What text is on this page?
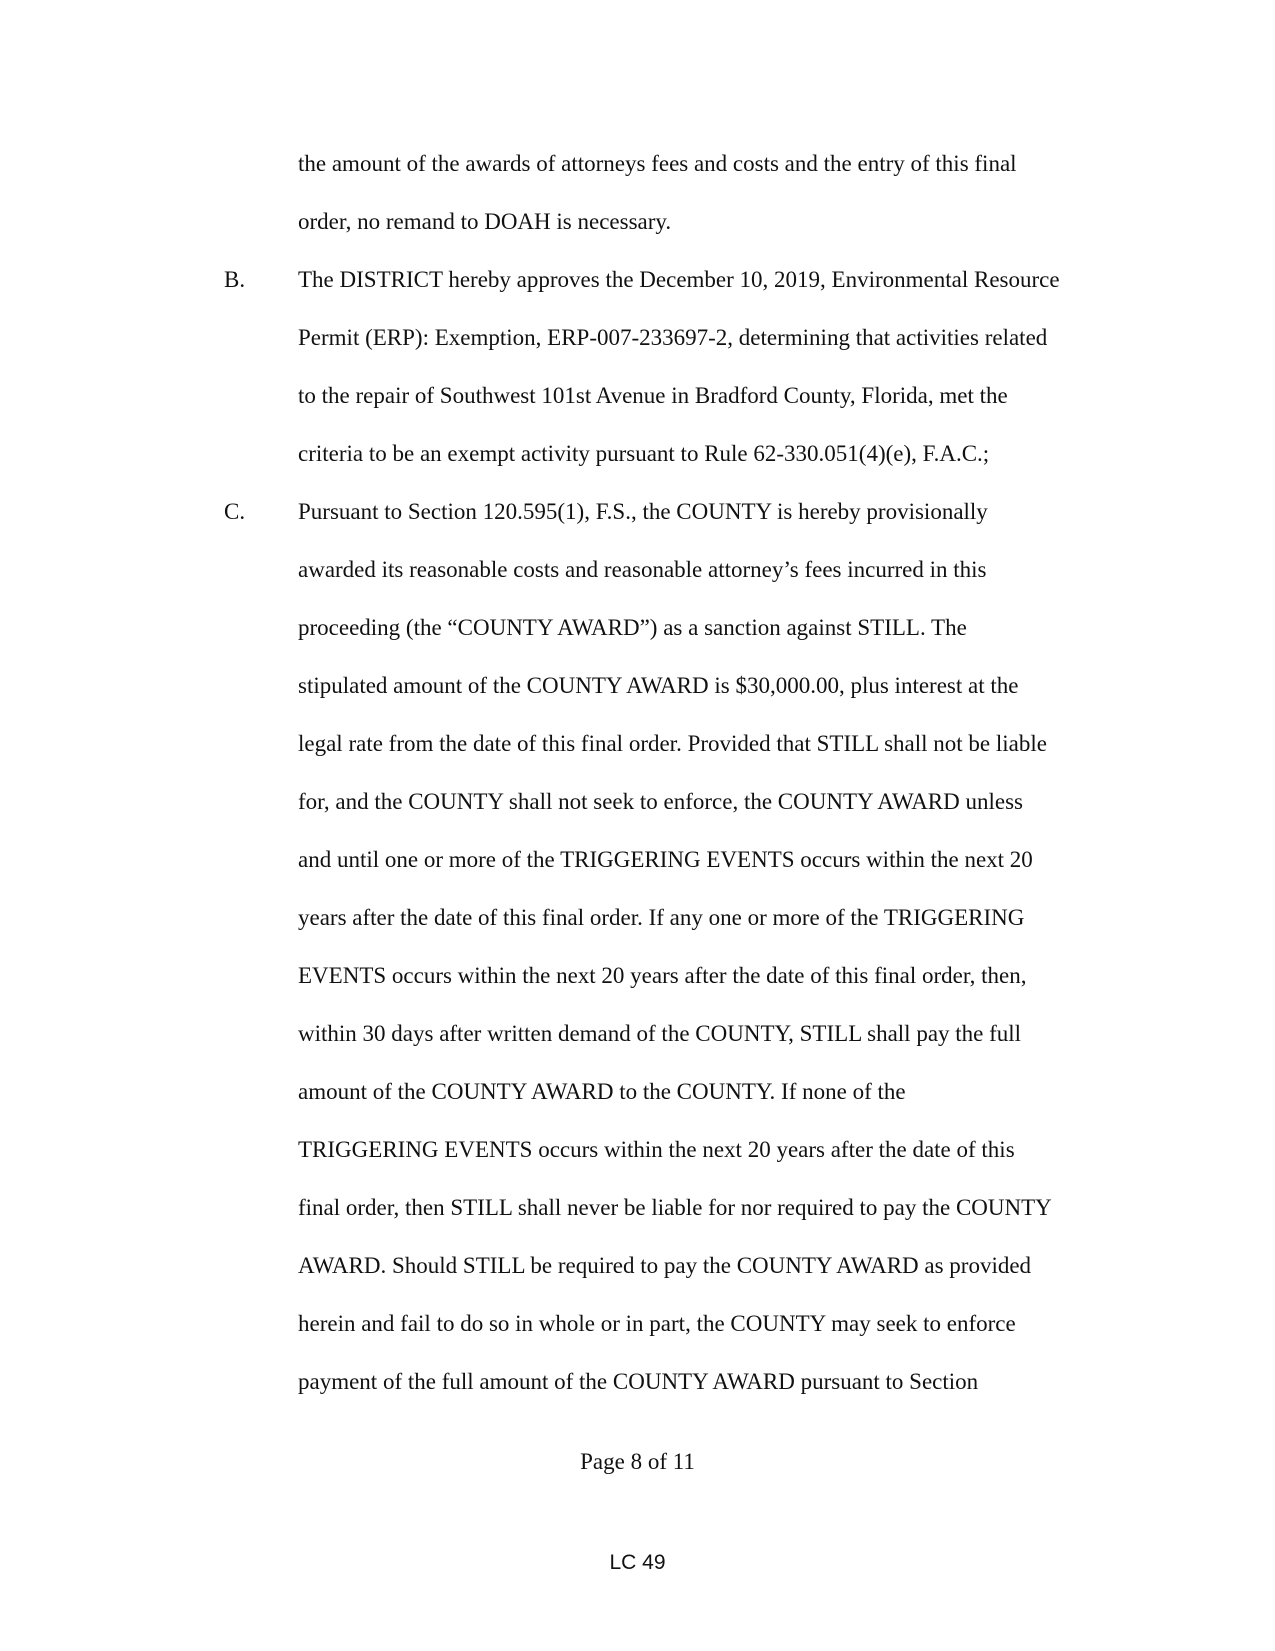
the amount of the awards of attorneys fees and costs and the entry of this final
order, no remand to DOAH is necessary.
B. The DISTRICT hereby approves the December 10, 2019, Environmental Resource
Permit (ERP): Exemption, ERP-007-233697-2, determining that activities related
to the repair of Southwest 101st Avenue in Bradford County, Florida, met the
criteria to be an exempt activity pursuant to Rule 62-330.051(4)(e), F.A.C.;
C. Pursuant to Section 120.595(1), F.S., the COUNTY is hereby provisionally
awarded its reasonable costs and reasonable attorney’s fees incurred in this
proceeding (the “COUNTY AWARD”) as a sanction against STILL. The
stipulated amount of the COUNTY AWARD is $30,000.00, plus interest at the
legal rate from the date of this final order. Provided that STILL shall not be liable
for, and the COUNTY shall not seek to enforce, the COUNTY AWARD unless
and until one or more of the TRIGGERING EVENTS occurs within the next 20
years after the date of this final order. If any one or more of the TRIGGERING
EVENTS occurs within the next 20 years after the date of this final order, then,
within 30 days after written demand of the COUNTY, STILL shall pay the full
amount of the COUNTY AWARD to the COUNTY. If none of the
TRIGGERING EVENTS occurs within the next 20 years after the date of this
final order, then STILL shall never be liable for nor required to pay the COUNTY
AWARD. Should STILL be required to pay the COUNTY AWARD as provided
herein and fail to do so in whole or in part, the COUNTY may seek to enforce
payment of the full amount of the COUNTY AWARD pursuant to Section
Page 8 of 11
LC 49
